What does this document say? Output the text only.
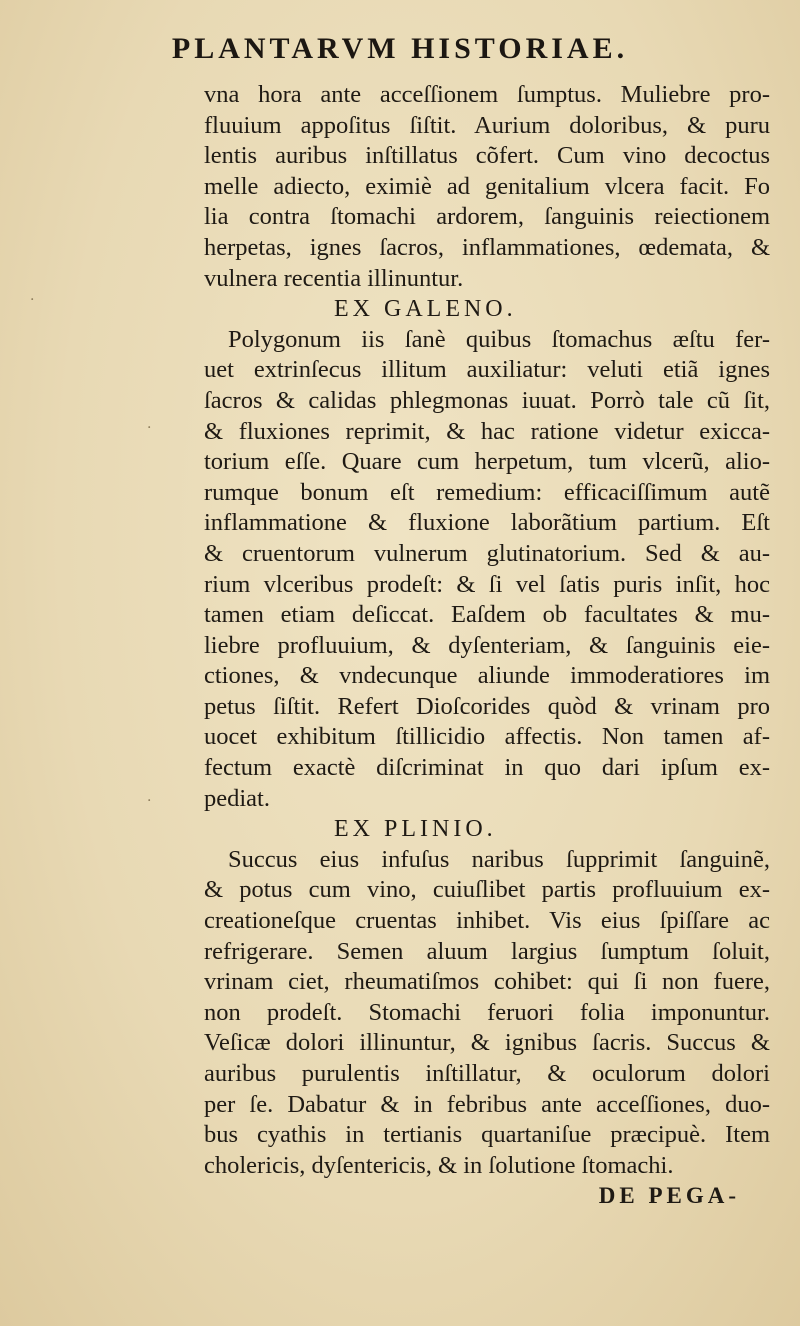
PLANTARVM HISTORIAE.
vna hora ante acceſſionem ſumptus. Muliebre pro-
fluuium appoſitus ſiſtit. Aurium doloribus, & puru
lentis auribus inſtillatus cõfert. Cum vino decoctus
melle adiecto, eximiè ad genitalium vlcera facit. Fo
lia contra ſtomachi ardorem, ſanguinis reiectionem
herpetas, ignes ſacros, inflammationes, œdemata, &
vulnera recentia illinuntur.
EX GALENO.
Polygonum iis ſanè quibus ſtomachus æſtu fer-
uet extrinſecus illitum auxiliatur: veluti etiã ignes
ſacros & calidas phlegmonas iuuat. Porrò tale cũ ſit,
& fluxiones reprimit, & hac ratione videtur exicca-
torium eſſe. Quare cum herpetum, tum vlcerũ, alio-
rumque bonum eſt remedium: efficaciſſimum autẽ
inflammatione & fluxione laborãtium partium. Eſt
& cruentorum vulnerum glutinatorium. Sed & au-
rium vlceribus prodeſt: & ſi vel ſatis puris inſit, hoc
tamen etiam deſiccat. Eaſdem ob facultates & mu-
liebre profluuium, & dyſenteriam, & ſanguinis eie-
ctiones, & vndecunque aliunde immoderatiores im
petus ſiſtit. Refert Dioſcorides quòd & vrinam pro
uocet exhibitum ſtillicidio affectis. Non tamen af-
fectum exactè diſcriminat in quo dari ipſum ex-
pediat.
EX PLINIO.
Succus eius infuſus naribus ſupprimit ſanguinẽ,
& potus cum vino, cuiuſlibet partis profluuium ex-
creationeſque cruentas inhibet. Vis eius ſpiſſare ac
refrigerare. Semen aluum largius ſumptum ſoluit,
vrinam ciet, rheumatiſmos cohibet: qui ſi non fuere,
non prodeſt. Stomachi feruori folia imponuntur.
Veſicæ dolori illinuntur, & ignibus ſacris. Succus &
auribus purulentis inſtillatur, & oculorum dolori
per ſe. Dabatur & in febribus ante acceſſiones, duo-
bus cyathis in tertianis quartaniſue præcipuè. Item
cholericis, dyſentericis, & in ſolutione ſtomachi.
DE PEGA-
·
·
·
